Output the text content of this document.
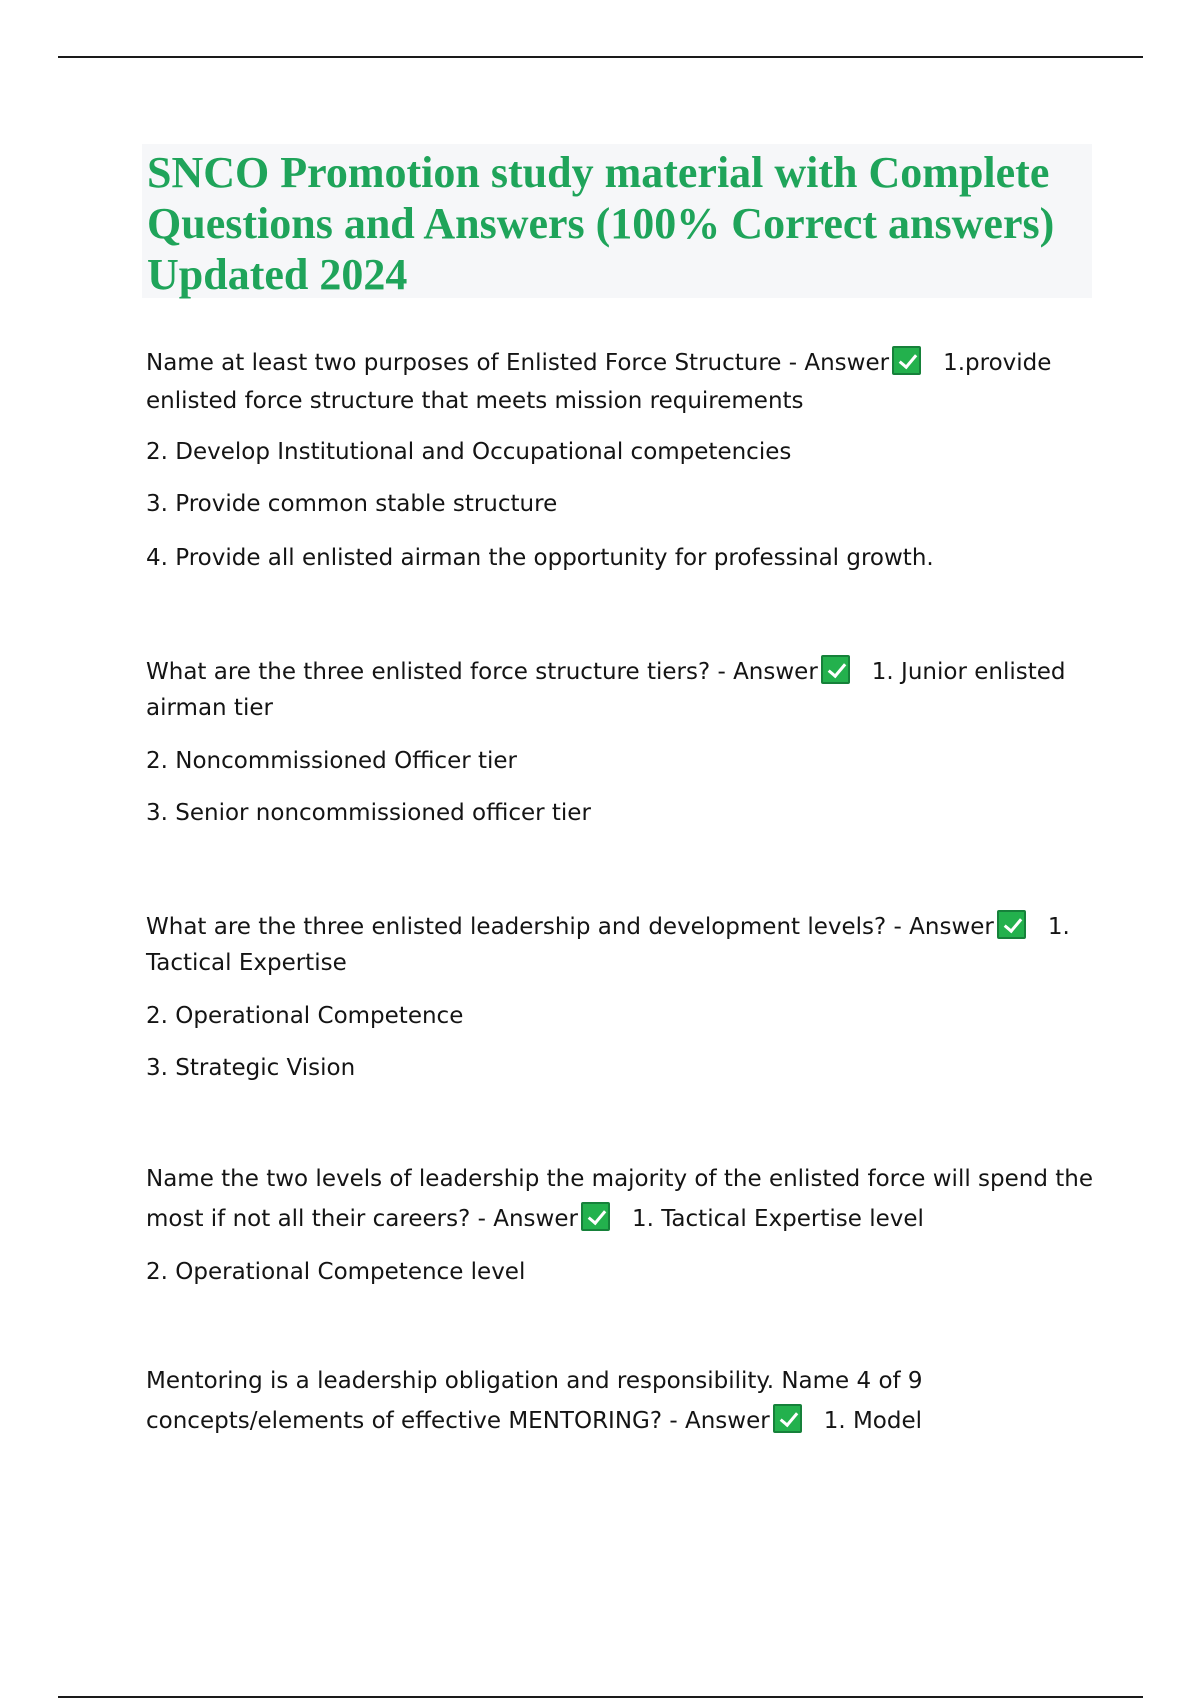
SNCO Promotion study material with Complete Questions and Answers (100% Correct answers) Updated 2024

Name at least two purposes of Enlisted Force Structure - Answer 1.provide enlisted force structure that meets mission requirements

2. Develop Institutional and Occupational competencies

3. Provide common stable structure

4. Provide all enlisted airman the opportunity for professinal growth.

What are the three enlisted force structure tiers? - Answer 1. Junior enlisted airman tier

2. Noncommissioned Officer tier

3. Senior noncommissioned officer tier

What are the three enlisted leadership and development levels? - Answer 1. Tactical Expertise

2. Operational Competence

3. Strategic Vision

Name the two levels of leadership the majority of the enlisted force will spend the most if not all their careers? - Answer 1. Tactical Expertise level

2. Operational Competence level

Mentoring is a leadership obligation and responsibility. Name 4 of 9 concepts/elements of effective MENTORING? - Answer 1. Model
